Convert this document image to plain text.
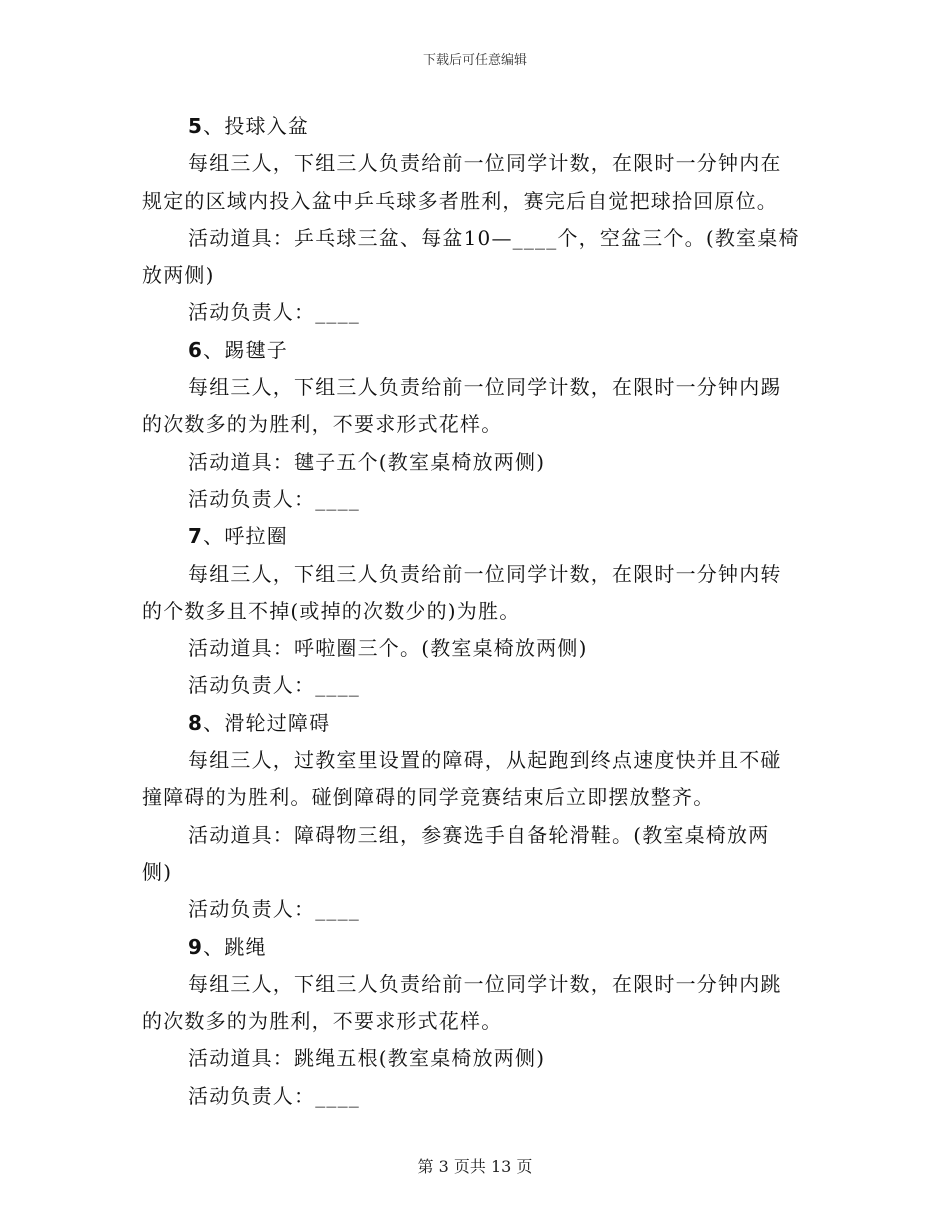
下载后可任意编辑
5、投球入盆
每组三人，下组三人负责给前一位同学计数，在限时一分钟内在
规定的区域内投入盆中乒乓球多者胜利，赛完后自觉把球拾回原位。
活动道具：乒乓球三盆、每盆10—____个，空盆三个。(教室桌椅
放两侧)
活动负责人：____
6、踢毽子
每组三人，下组三人负责给前一位同学计数，在限时一分钟内踢
的次数多的为胜利，不要求形式花样。
活动道具：毽子五个(教室桌椅放两侧)
活动负责人：____
7、呼拉圈
每组三人，下组三人负责给前一位同学计数，在限时一分钟内转
的个数多且不掉(或掉的次数少的)为胜。
活动道具：呼啦圈三个。(教室桌椅放两侧)
活动负责人：____
8、滑轮过障碍
每组三人，过教室里设置的障碍，从起跑到终点速度快并且不碰
撞障碍的为胜利。碰倒障碍的同学竞赛结束后立即摆放整齐。
活动道具：障碍物三组，参赛选手自备轮滑鞋。(教室桌椅放两
侧)
活动负责人：____
9、跳绳
每组三人，下组三人负责给前一位同学计数，在限时一分钟内跳
的次数多的为胜利，不要求形式花样。
活动道具：跳绳五根(教室桌椅放两侧)
活动负责人：____
第 3 页共 13 页
